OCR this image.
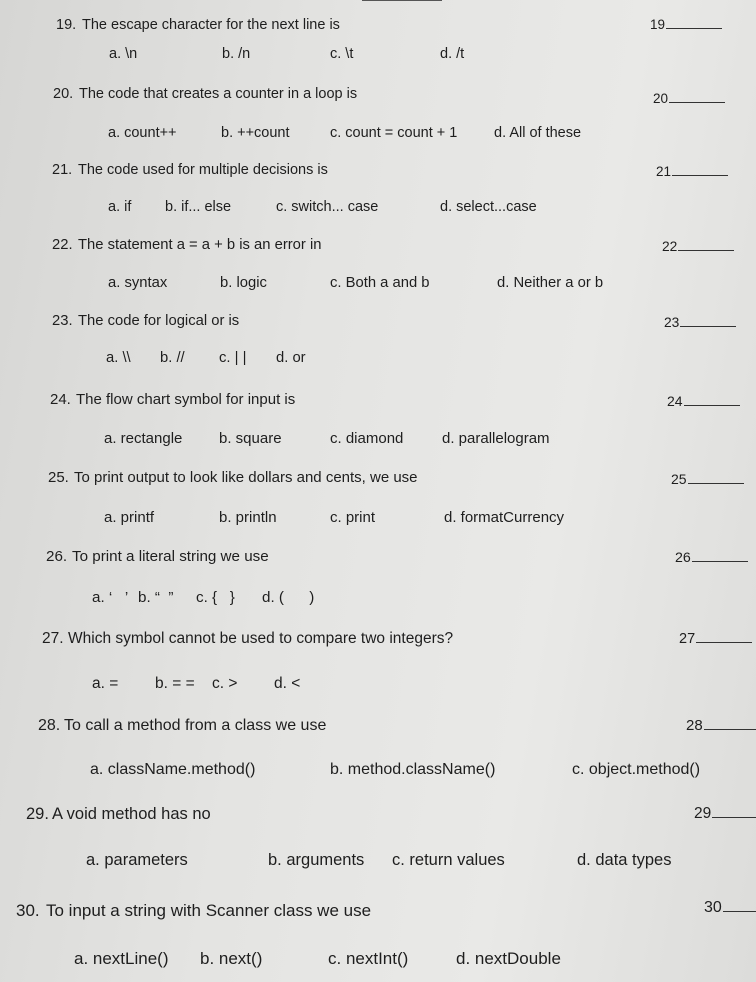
19. The escape character for the next line is	19
a. \n	b. /n	c. \t	d. /t
20. The code that creates a counter in a loop is	20
a. count++	b. ++count	c. count = count + 1	d. All of these
21. The code used for multiple decisions is	21
a. if b. if... else	c. switch... case	d. select...case
22. The statement a = a + b is an error in	22
a. syntax	b. logic	c. Both a and b	d. Neither a or b
23. The code for logical or is	23
a. \\ b. // c. | | d. or
24. The flow chart symbol for input is	24
a. rectangle b. square	c. diamond	d. parallelogram
25. To print output to look like dollars and cents, we use	25
a. printf	b. println	c. print	d. formatCurrency
26. To print a literal string we use	26
a. ‘   ’ b. “  ” c. {   } d. (      )
27. Which symbol cannot be used to compare two integers?	27
a. = b. = = c. > d. <
28. To call a method from a class we use	28
a. className.method()	b. method.className()	c. object.method()
29. A void method has no	29
a. parameters	b. arguments c. return values	d. data types
30. To input a string with Scanner class we use	30
a. nextLine() b. next()	c. nextInt()	d. nextDouble
